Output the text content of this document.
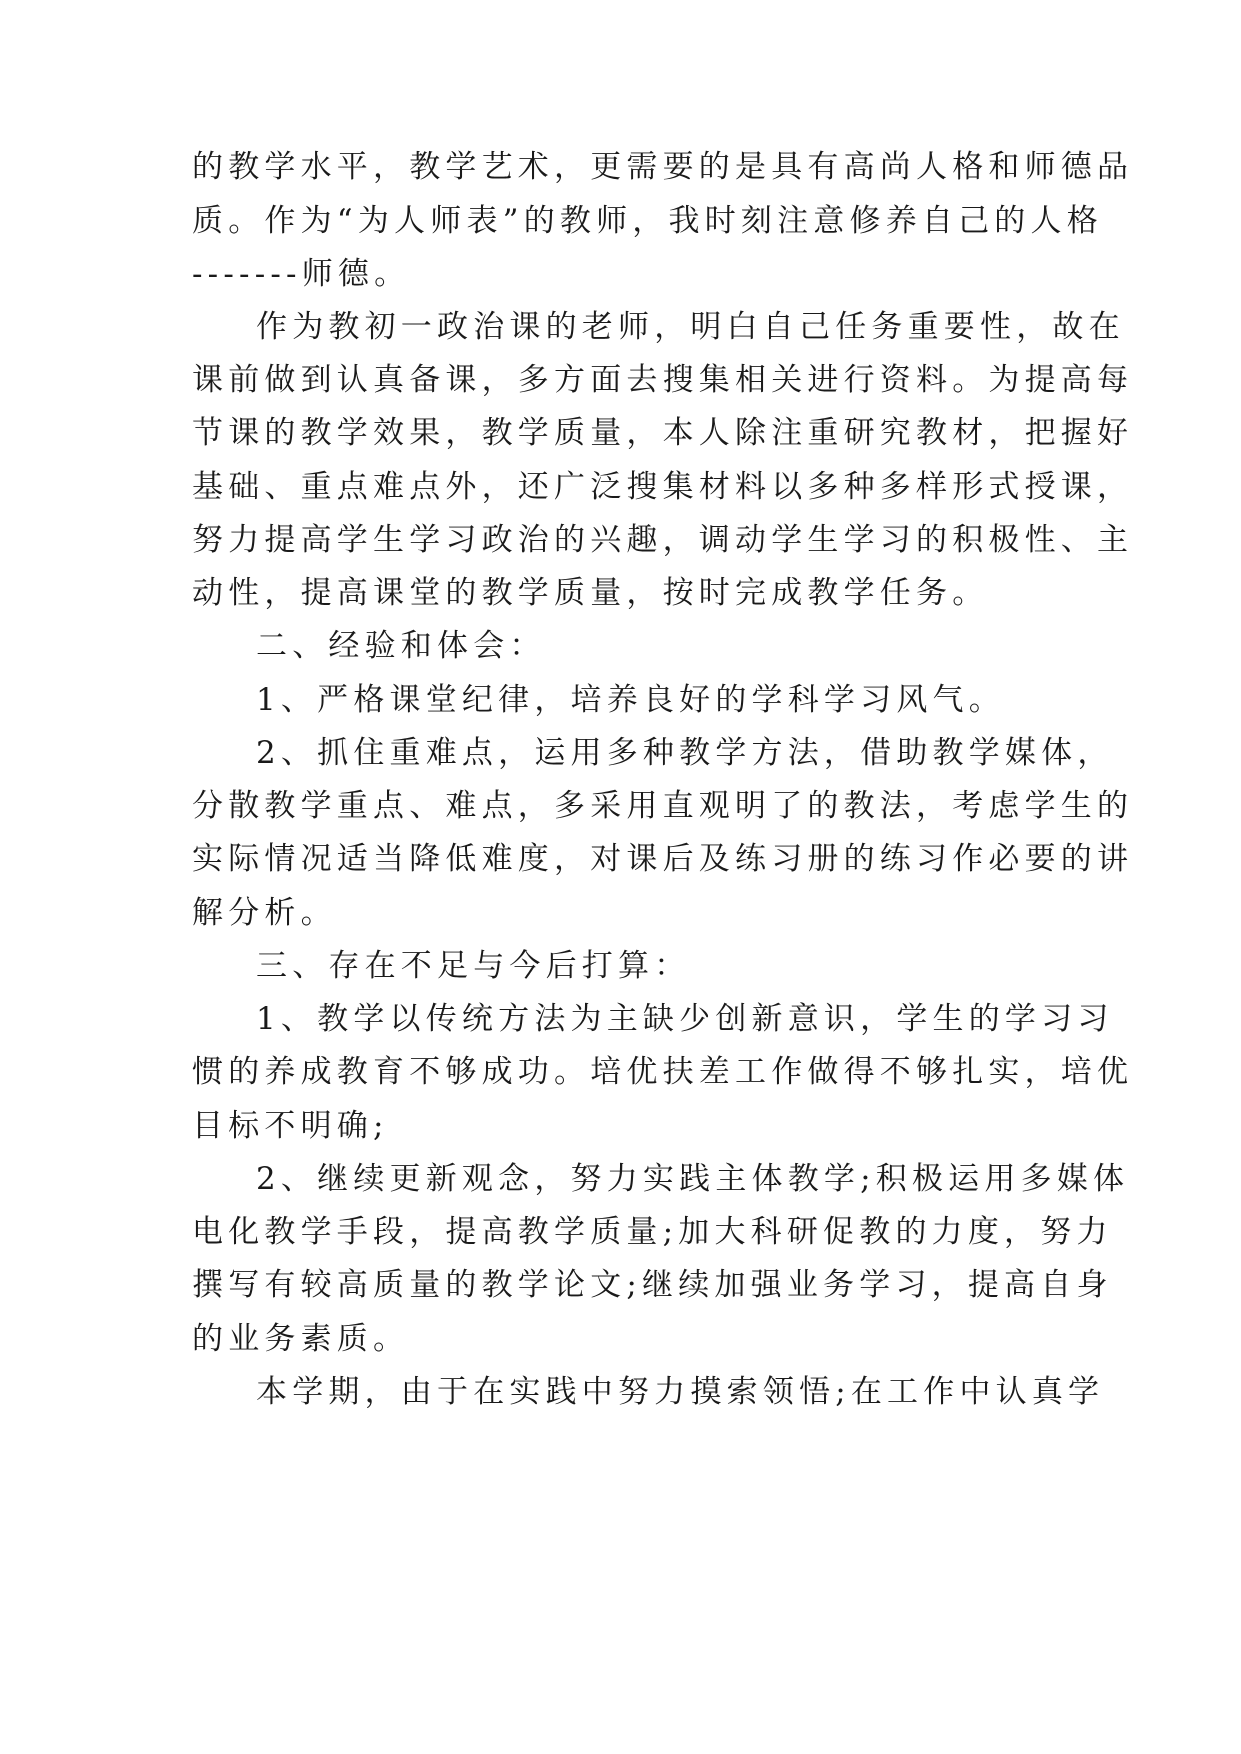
的教学水平，教学艺术，更需要的是具有高尚人格和师德品
质。作为“为人师表”的教师，我时刻注意修养自己的人格
-------师德。
作为教初一政治课的老师，明白自己任务重要性，故在
课前做到认真备课，多方面去搜集相关进行资料。为提高每
节课的教学效果，教学质量，本人除注重研究教材，把握好
基础、重点难点外，还广泛搜集材料以多种多样形式授课，
努力提高学生学习政治的兴趣，调动学生学习的积极性、主
动性，提高课堂的教学质量，按时完成教学任务。
二、经验和体会：
1、严格课堂纪律，培养良好的学科学习风气。
2、抓住重难点，运用多种教学方法，借助教学媒体，
分散教学重点、难点，多采用直观明了的教法，考虑学生的
实际情况适当降低难度，对课后及练习册的练习作必要的讲
解分析。
三、存在不足与今后打算：
1、教学以传统方法为主缺少创新意识，学生的学习习
惯的养成教育不够成功。培优扶差工作做得不够扎实，培优
目标不明确;
2、继续更新观念，努力实践主体教学;积极运用多媒体
电化教学手段，提高教学质量;加大科研促教的力度，努力
撰写有较高质量的教学论文;继续加强业务学习，提高自身
的业务素质。
本学期，由于在实践中努力摸索领悟;在工作中认真学
